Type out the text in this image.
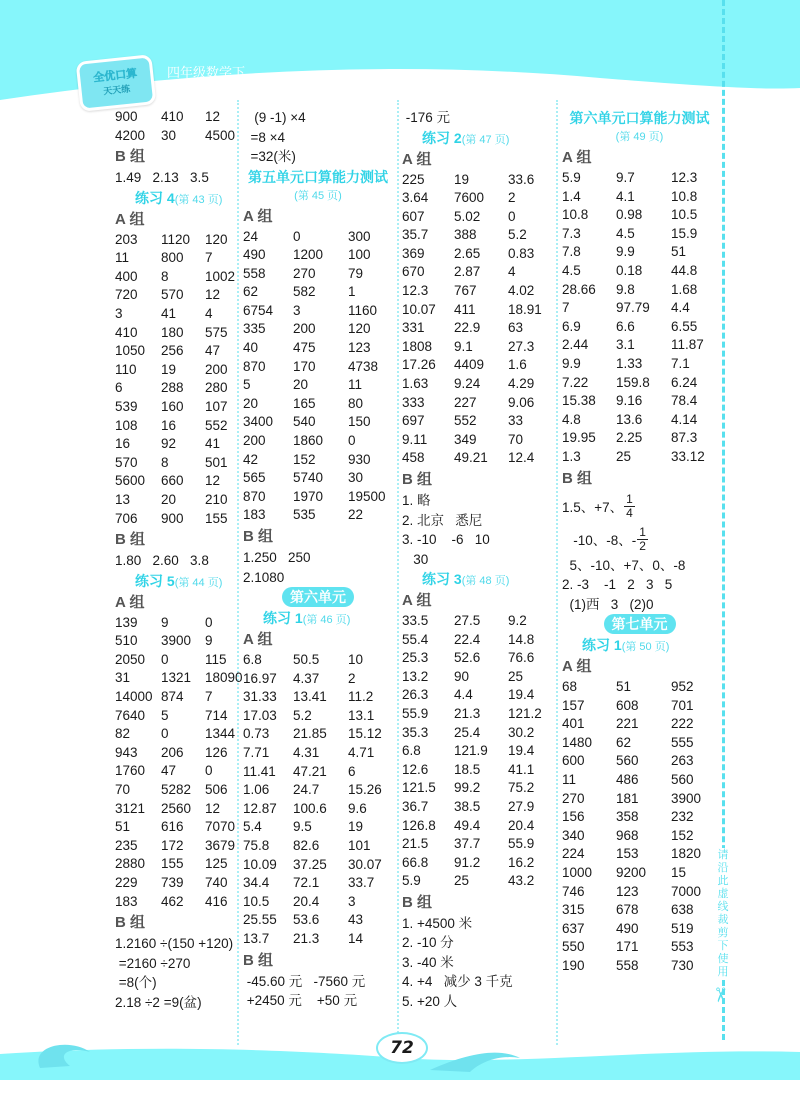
全优口算
天天练
四年级数学下
900	410	12
4200	30	4500
B 组
1.49   2.13   3.5
练习 4(第 43 页)
A 组
203	1120	120
11	800	7
400	8	1002
720	570	12
3	41	4
410	180	575
1050	256	47
110	19	200
6	288	280
539	160	107
108	16	552
16	92	41
570	8	501
5600	660	12
13	20	210
706	900	155
B 组
1.80   2.60   3.8
练习 5(第 44 页)
A 组
139	9	0
510	3900	9
2050	0	115
31	1321	18090
14000 874	7
7640	5	714
82	0	1344
943	206	126
1760	47	0
70	5282	506
3121	2560	12
51	616	7070
235	172	3679
2880	155	125
229	739	740
183	462	416
B 组
1.2160 ÷(150 +120)
=2160 ÷270
=8(个)
2.18 ÷2 =9(盆)
(9 -1) ×4
=8 ×4
=32(米)
第五单元口算能力测试
(第 45 页)
A 组
24	0	300
490	1200	100
558	270	79
62	582	1
6754	3	1160
335	200	120
40	475	123
870	170	4738
5	20	11
20	165	80
3400	540	150
200	1860	0
42	152	930
565	5740	30
870	1970	19500
183	535	22
B 组
1.250   250
2.1080
第六单元
练习 1(第 46 页)
A 组
6.8	50.5	10
16.97	4.37	2
31.33	13.41	11.2
17.03	5.2	13.1
0.73	21.85	15.12
7.71	4.31	4.71
11.41	47.21	6
1.06	24.7	15.26
12.87	100.6	9.6
5.4	9.5	19
75.8	82.6	101
10.09	37.25	30.07
34.4	72.1	33.7
10.5	20.4	3
25.55	53.6	43
13.7	21.3	14
B 组
-45.60 元   -7560 元
+2450 元    +50 元
-176 元
练习 2(第 47 页)
A 组
225	19	33.6
3.64	7600	2
607	5.02	0
35.7	388	5.2
369	2.65	0.83
670	2.87	4
12.3	767	4.02
10.07	411	18.91
331	22.9	63
1808	9.1	27.3
17.26	4409	1.6
1.63	9.24	4.29
333	227	9.06
697	552	33
9.11	349	70
458	49.21	12.4
B 组
1. 略
2. 北京   悉尼
3. -10    -6   10
30
练习 3(第 48 页)
A 组
33.5	27.5	9.2
55.4	22.4	14.8
25.3	52.6	76.6
13.2	90	25
26.3	4.4	19.4
55.9	21.3	121.2
35.3	25.4	30.2
6.8	121.9	19.4
12.6	18.5	41.1
121.5	99.2	75.2
36.7	38.5	27.9
126.8	49.4	20.4
21.5	37.7	55.9
66.8	91.2	16.2
5.9	25	43.2
B 组
1. +4500 米
2. -10 分
3. -40 米
4. +4   减少 3 千克
5. +20 人
第六单元口算能力测试
(第 49 页)
A 组
5.9	9.7	12.3
1.4	4.1	10.8
10.8	0.98	10.5
7.3	4.5	15.9
7.8	9.9	51
4.5	0.18	44.8
28.66	9.8	1.68
7	97.79	4.4
6.9	6.6	6.55
2.44	3.1	11.87
9.9	1.33	7.1
7.22	159.8	6.24
15.38	9.16	78.4
4.8	13.6	4.14
19.95	2.25	87.3
1.3	25	33.12
B 组
1.5、+7、 $\frac{1}{4}$
-10、-8、- $\frac{1}{2}$
5、-10、+7、0、-8
2. -3    -1   2   3   5
(1)西   3   (2)0
第七单元
练习 1(第 50 页)
A 组
68	51	952
157	608	701
401	221	222
1480	62	555
600	560	263
11	486	560
270	181	3900
156	358	232
340	968	152
224	153	1820
1000	9200	15
746	123	7000
315	678	638
637	490	519
550	171	553
190	558	730
请沿此虚线裁剪下使用
✂
72
